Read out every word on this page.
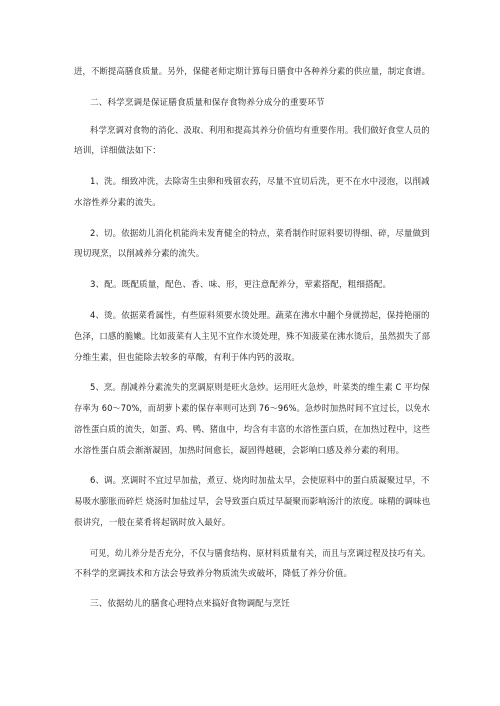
进，不断提高膳食质量。另外，保健老师定期计算每日膳食中各种养分素的供应量，制定食谱。
二、科学烹调是保证膳食质量和保存食物养分成分的重要环节
科学烹调对食物的消化、汲取、利用和提高其养分价值均有重要作用。我们做好食堂人员的
培训，详细做法如下：
1、洗。细致冲洗，去除寄生虫卵和残留农药，尽量不宜切后洗，更不在水中浸泡，以削减
水溶性养分素的流失。
2、切。依据幼儿消化机能尚未发育健全的特点，菜肴制作时原料要切得细、碎，尽量做到
现切现烹，以削减养分素的流失。
3、配。既配质量，配色、香、味、形，更注意配养分，荤素搭配，粗细搭配。
4、烫。依据菜肴属性，有些原料须要水烫处理。蔬菜在沸水中翻个身就捞起，保持艳丽的
色泽，口感的脆嫩。比如菠菜有人主见不宜作水烫处理，殊不知菠菜在沸水烫后，虽然损失了部
分维生素，但也能除去较多的草酸，有利于体内钙的汲取。
5、烹。削减养分素流失的烹调原则是旺火急炒。运用旺火急炒，叶菜类的维生素 C 平均保
存率为 60～70%，而胡萝卜素的保存率则可达到 76～96%。急炒时加热时间不宜过长，以免水
溶性蛋白质的流失，如蛋、鸡、鸭、猪血中，均含有丰富的水溶性蛋白质，在加热过程中，这些
水溶性蛋白质会渐渐凝固，加热时间愈长，凝固得越硬，会影响口感及养分素的利用。
6、调。烹调时不宜过早加盐，煮豆、烧肉时加盐太早，会使原料中的蛋白质凝聚过早，不
易吸水膨胀而碎烂 烧汤时加盐过早，会导致蛋白质过早凝聚而影响汤汁的浓度。味精的调味也
很讲究，一般在菜肴将起锅时放入最好。
可见，幼儿养分是否充分，不仅与膳食结构、原材料质量有关，而且与烹调过程及技巧有关。
不科学的烹调技术和方法会导致养分物质流失或破坏，降低了养分价值。
三、依据幼儿的膳食心理特点来搞好食物调配与烹饪
